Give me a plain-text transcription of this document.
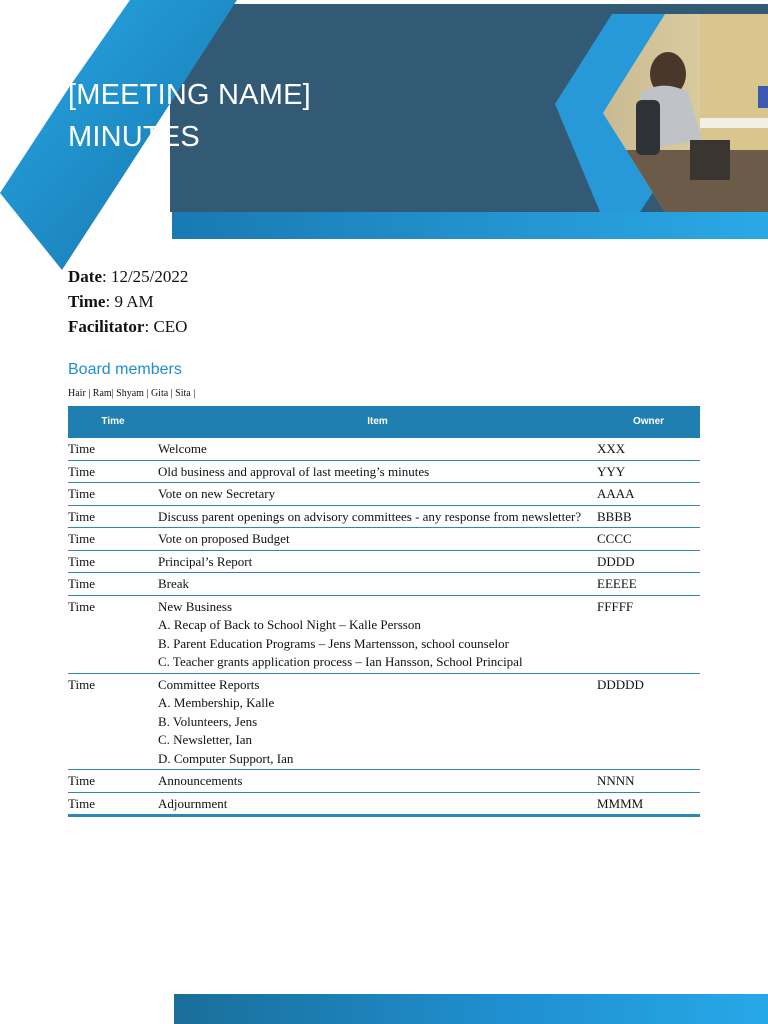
[MEETING NAME]
MINUTES
Date: 12/25/2022
Time: 9 AM
Facilitator: CEO
Board members
Hair | Ram| Shyam | Gita | Sita |
Time	Item	Owner
Time	Welcome	XXX
Time	Old business and approval of last meeting’s minutes	YYY
Time	Vote on new Secretary	AAAA
Time	Discuss parent openings on advisory committees - any response from newsletter?	BBBB
Time	Vote on proposed Budget	CCCC
Time	Principal’s Report	DDDD
Time	Break	EEEEE
Time	New Business
A. Recap of Back to School Night – Kalle Persson
B. Parent Education Programs – Jens Martensson, school counselor
C. Teacher grants application process – Ian Hansson, School Principal	FFFFF
Time	Committee Reports
A. Membership, Kalle
B. Volunteers, Jens
C. Newsletter, Ian
D. Computer Support, Ian	DDDDD
Time	Announcements	NNNN
Time	Adjournment	MMMM
